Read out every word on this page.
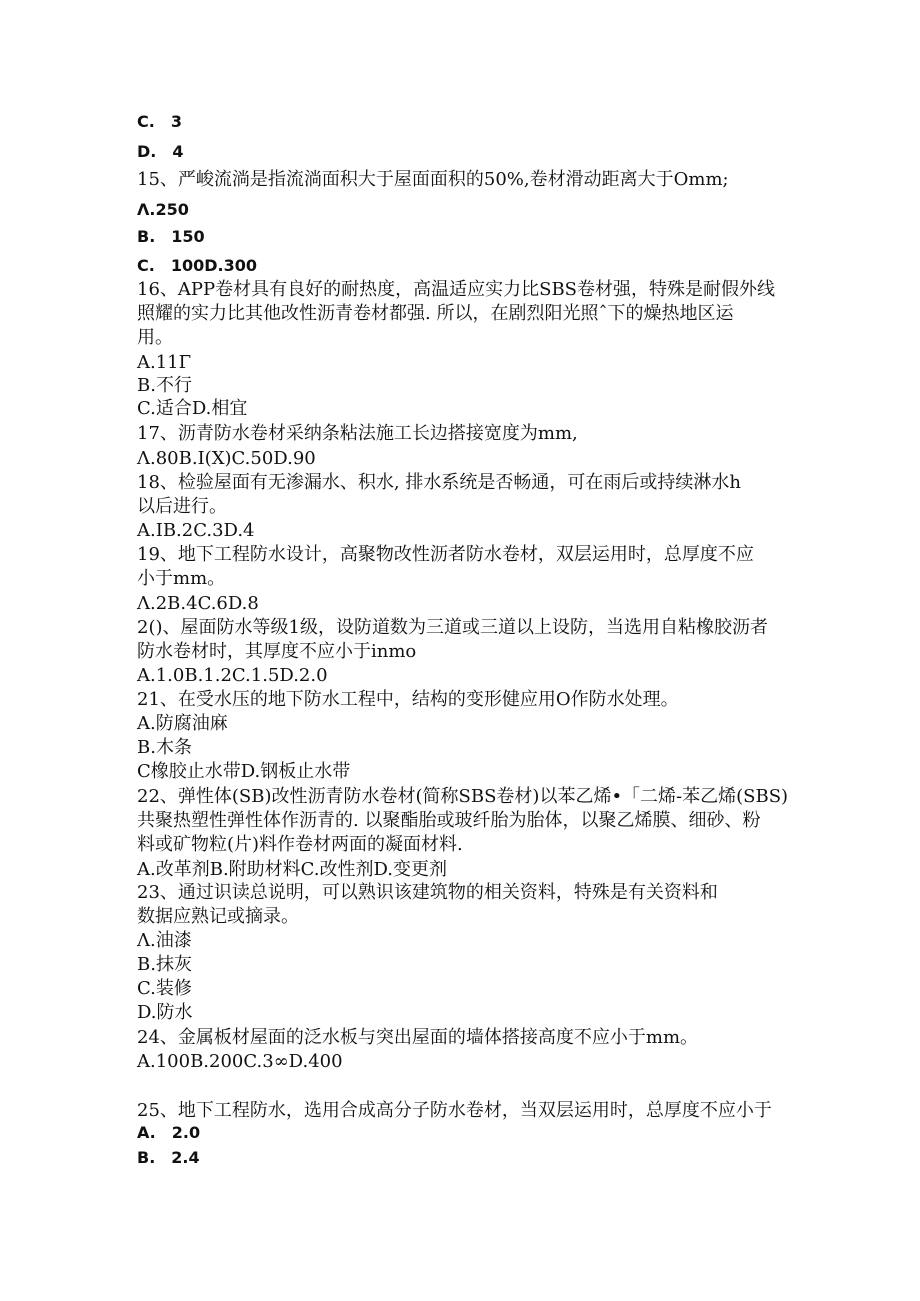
C. 3

D. 4

15、严峻流淌是指流淌面积大于屋面面积的50%,卷材滑动距离大于Omm;

Λ.250

B. 150

C. 100D.300

16、APP卷材具有良好的耐热度，高温适应实力比SBS卷材强，特殊是耐假外线

照耀的实力比其他改性沥青卷材都强. 所以，在剧烈阳光照ˆ下的燥热地区运

用。

A.11Γ

B.不行

C.适合D.相宜

17、沥青防水卷材采纳条粘法施工长边搭接宽度为mm,

Λ.80B.I(X)C.50D.90

18、检验屋面有无渗漏水、积水, 排水系统是否畅通，可在雨后或持续淋水h

以后进行。

A.IB.2C.3D.4

19、地下工程防水设计，高聚物改性沥者防水卷材，双层运用时，总厚度不应

小于mm。

Λ.2B.4C.6D.8

2()、屋面防水等级1级，设防道数为三道或三道以上设防，当选用自粘橡胶沥者

防水卷材时，其厚度不应小于inmo

A.1.0B.1.2C.1.5D.2.0

21、在受水压的地下防水工程中，结构的变形健应用O作防水处理。

A.防腐油麻

B.木条

C橡胶止水带D.钢板止水带

22、弹性体(SB)改性沥青防水卷材(简称SBS卷材)以苯乙烯•「二烯-苯乙烯(SBS)

共聚热塑性弹性体作沥青的. 以聚酯胎或玻纤胎为胎体，以聚乙烯膜、细砂、粉

料或矿物粒(片)料作卷材两面的凝面材料.

A.改革剂B.附助材料C.改性剂D.变更剂

23、通过识读总说明，可以熟识该建筑物的相关资料，特殊是有关资料和

数据应熟记或摘录。

Λ.油漆

B.抹灰

C.装修

D.防水

24、金属板材屋面的泛水板与突出屋面的墙体搭接高度不应小于mm。

A.100B.200C.3∞D.400

25、地下工程防水，选用合成高分子防水卷材，当双层运用时，总厚度不应小于

A. 2.0

B. 2.4
